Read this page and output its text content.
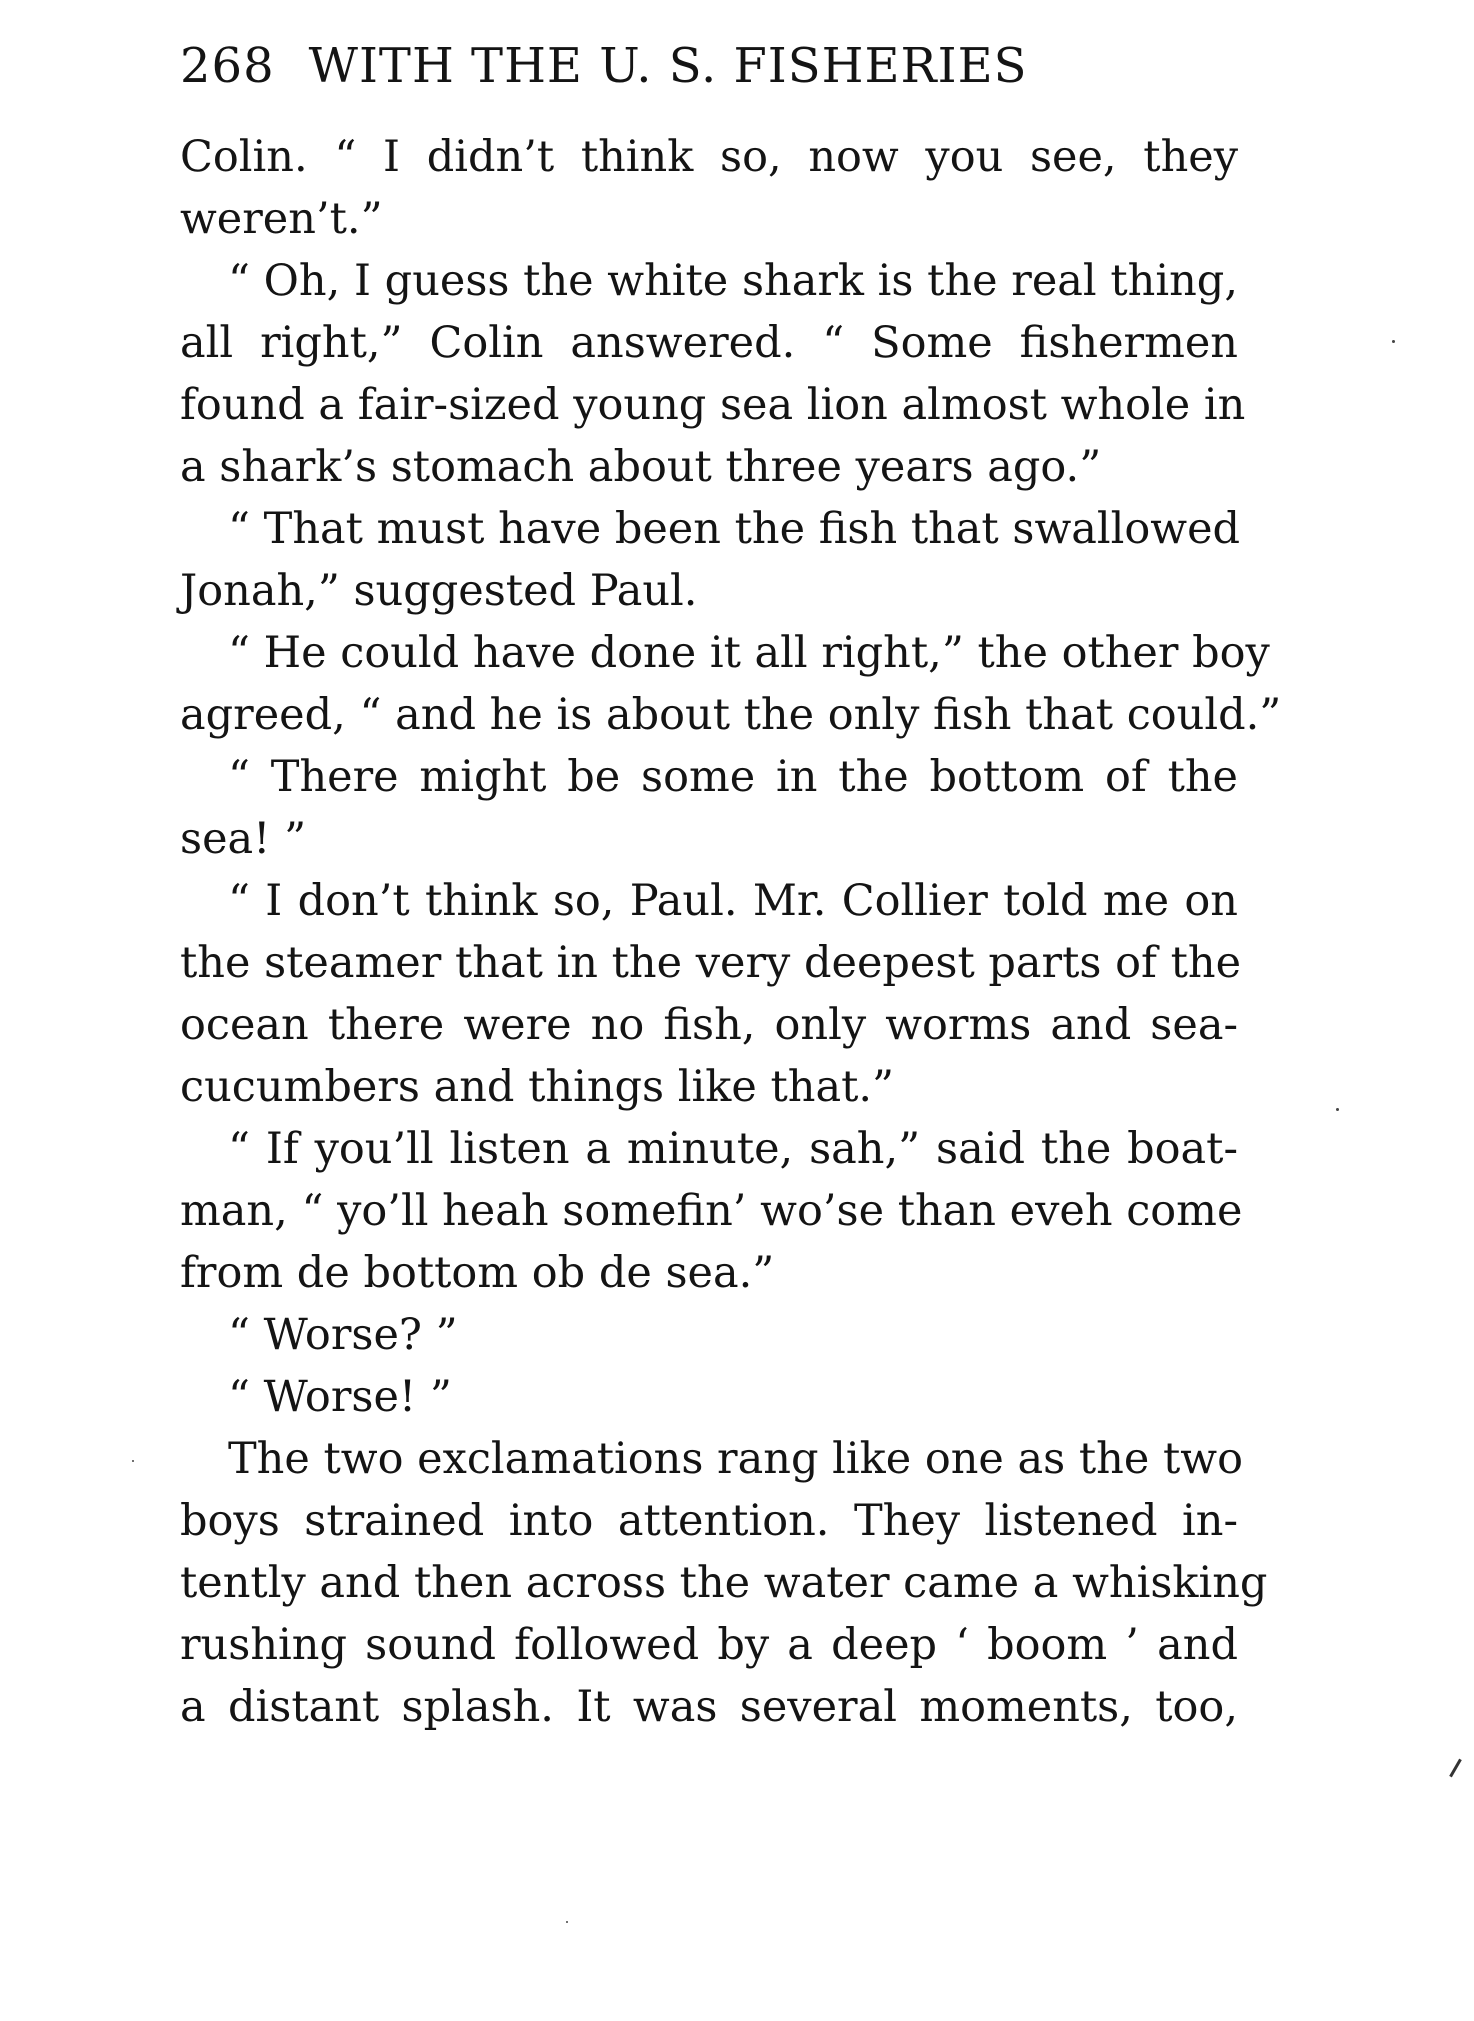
268 WITH THE U. S. FISHERIES
Colin. “ I didn’t think so, now you see, they
weren’t.”
“ Oh, I guess the white shark is the real thing,
all right,” Colin answered. “ Some fishermen
found a fair-sized young sea lion almost whole in
a shark’s stomach about three years ago.”
“ That must have been the fish that swallowed
Jonah,” suggested Paul.
“ He could have done it all right,” the other boy
agreed, “ and he is about the only fish that could.”
“ There might be some in the bottom of the
sea! ”
“ I don’t think so, Paul. Mr. Collier told me on
the steamer that in the very deepest parts of the
ocean there were no fish, only worms and sea-
cucumbers and things like that.”
“ If you’ll listen a minute, sah,” said the boat-
man, “ yo’ll heah somefin’ wo’se than eveh come
from de bottom ob de sea.”
“ Worse? ”
“ Worse! ”
The two exclamations rang like one as the two
boys strained into attention. They listened in-
tently and then across the water came a whisking
rushing sound followed by a deep ‘ boom ’ and
a distant splash. It was several moments, too,
